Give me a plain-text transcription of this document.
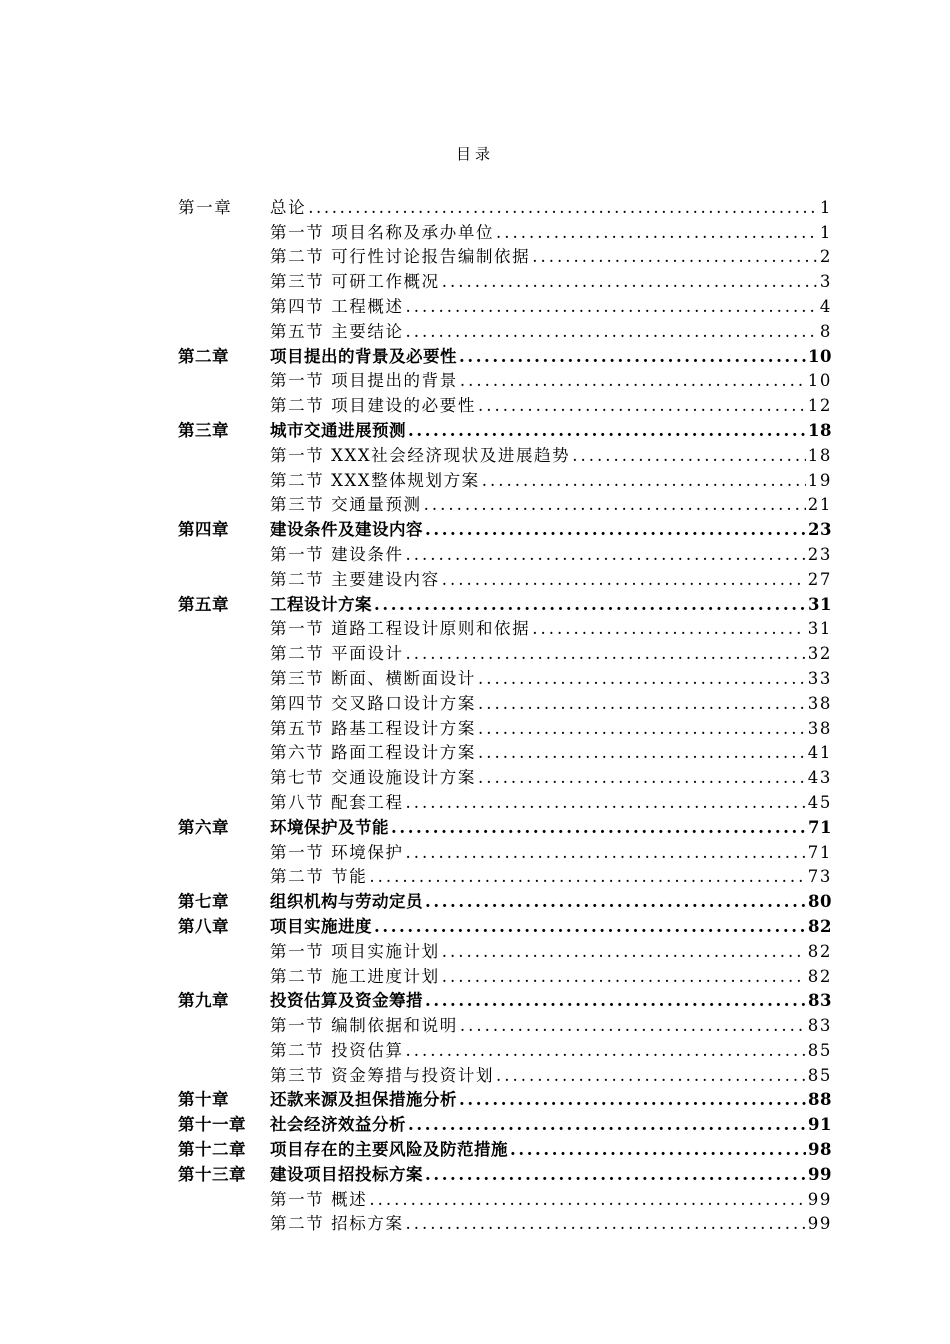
目录
第一章 总论 .....	1
第一节 项目名称及承办单位 .....	1
第二节 可行性讨论报告编制依据 .....	2
第三节 可研工作概况 .....	3
第四节 工程概述 .....	4
第五节 主要结论 .....	8
第二章 项目提出的背景及必要性 .....	10
第一节 项目提出的背景 .....	10
第二节 项目建设的必要性 .....	12
第三章 城市交通进展预测 .....	18
第一节 XXX社会经济现状及进展趋势 .....	18
第二节 XXX整体规划方案 .....	19
第三节 交通量预测 .....	21
第四章 建设条件及建设内容 .....	23
第一节 建设条件 .....	23
第二节 主要建设内容 .....	27
第五章 工程设计方案 .....	31
第一节 道路工程设计原则和依据 .....	31
第二节 平面设计 .....	32
第三节 断面、横断面设计 .....	33
第四节 交叉路口设计方案 .....	38
第五节 路基工程设计方案 .....	38
第六节 路面工程设计方案 .....	41
第七节 交通设施设计方案 .....	43
第八节 配套工程 .....	45
第六章 环境保护及节能 .....	71
第一节 环境保护 .....	71
第二节 节能 .....	73
第七章 组织机构与劳动定员 .....	80
第八章 项目实施进度 .....	82
第一节 项目实施计划 .....	82
第二节 施工进度计划 .....	82
第九章 投资估算及资金筹措 .....	83
第一节 编制依据和说明 .....	83
第二节 投资估算 .....	85
第三节 资金筹措与投资计划 .....	85
第十章 还款来源及担保措施分析 .....	88
第十一章 社会经济效益分析 .....	91
第十二章 项目存在的主要风险及防范措施 .....	98
第十三章 建设项目招投标方案 .....	99
第一节 概述 .....	99
第二节 招标方案 .....	99
